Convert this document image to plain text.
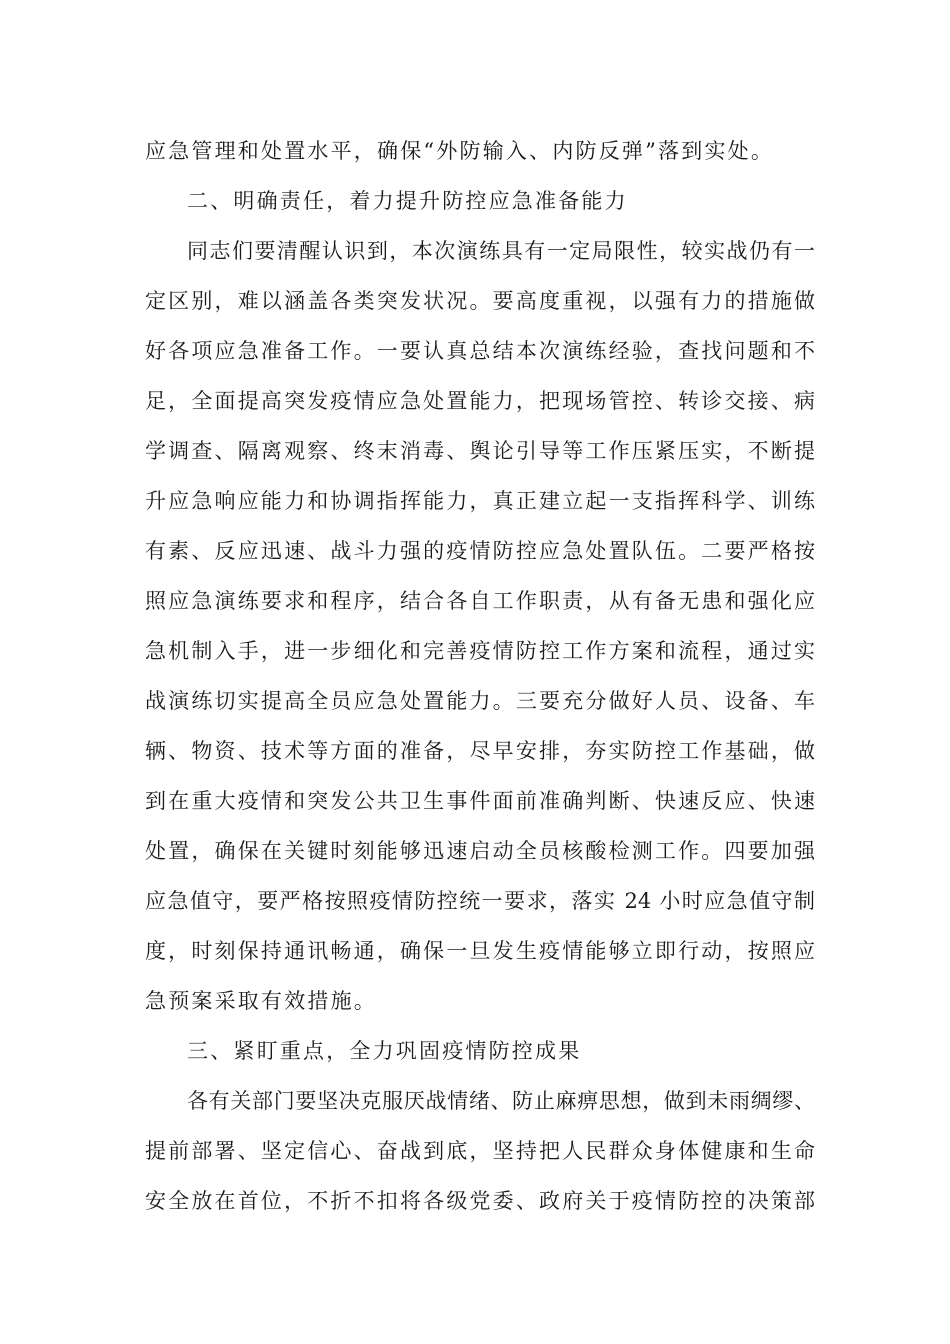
应急管理和处置水平，确保“外防输入、内防反弹”落到实处。
二、明确责任，着力提升防控应急准备能力
同志们要清醒认识到，本次演练具有一定局限性，较实战仍有一
定区别，难以涵盖各类突发状况。要高度重视，以强有力的措施做
好各项应急准备工作。一要认真总结本次演练经验，查找问题和不
足，全面提高突发疫情应急处置能力，把现场管控、转诊交接、病
学调查、隔离观察、终末消毒、舆论引导等工作压紧压实，不断提
升应急响应能力和协调指挥能力，真正建立起一支指挥科学、训练
有素、反应迅速、战斗力强的疫情防控应急处置队伍。二要严格按
照应急演练要求和程序，结合各自工作职责，从有备无患和强化应
急机制入手，进一步细化和完善疫情防控工作方案和流程，通过实
战演练切实提高全员应急处置能力。三要充分做好人员、设备、车
辆、物资、技术等方面的准备，尽早安排，夯实防控工作基础，做
到在重大疫情和突发公共卫生事件面前准确判断、快速反应、快速
处置，确保在关键时刻能够迅速启动全员核酸检测工作。四要加强
应急值守，要严格按照疫情防控统一要求，落实 24 小时应急值守制
度，时刻保持通讯畅通，确保一旦发生疫情能够立即行动，按照应
急预案采取有效措施。
三、紧盯重点，全力巩固疫情防控成果
各有关部门要坚决克服厌战情绪、防止麻痹思想，做到未雨绸缪、
提前部署、坚定信心、奋战到底，坚持把人民群众身体健康和生命
安全放在首位，不折不扣将各级党委、政府关于疫情防控的决策部
